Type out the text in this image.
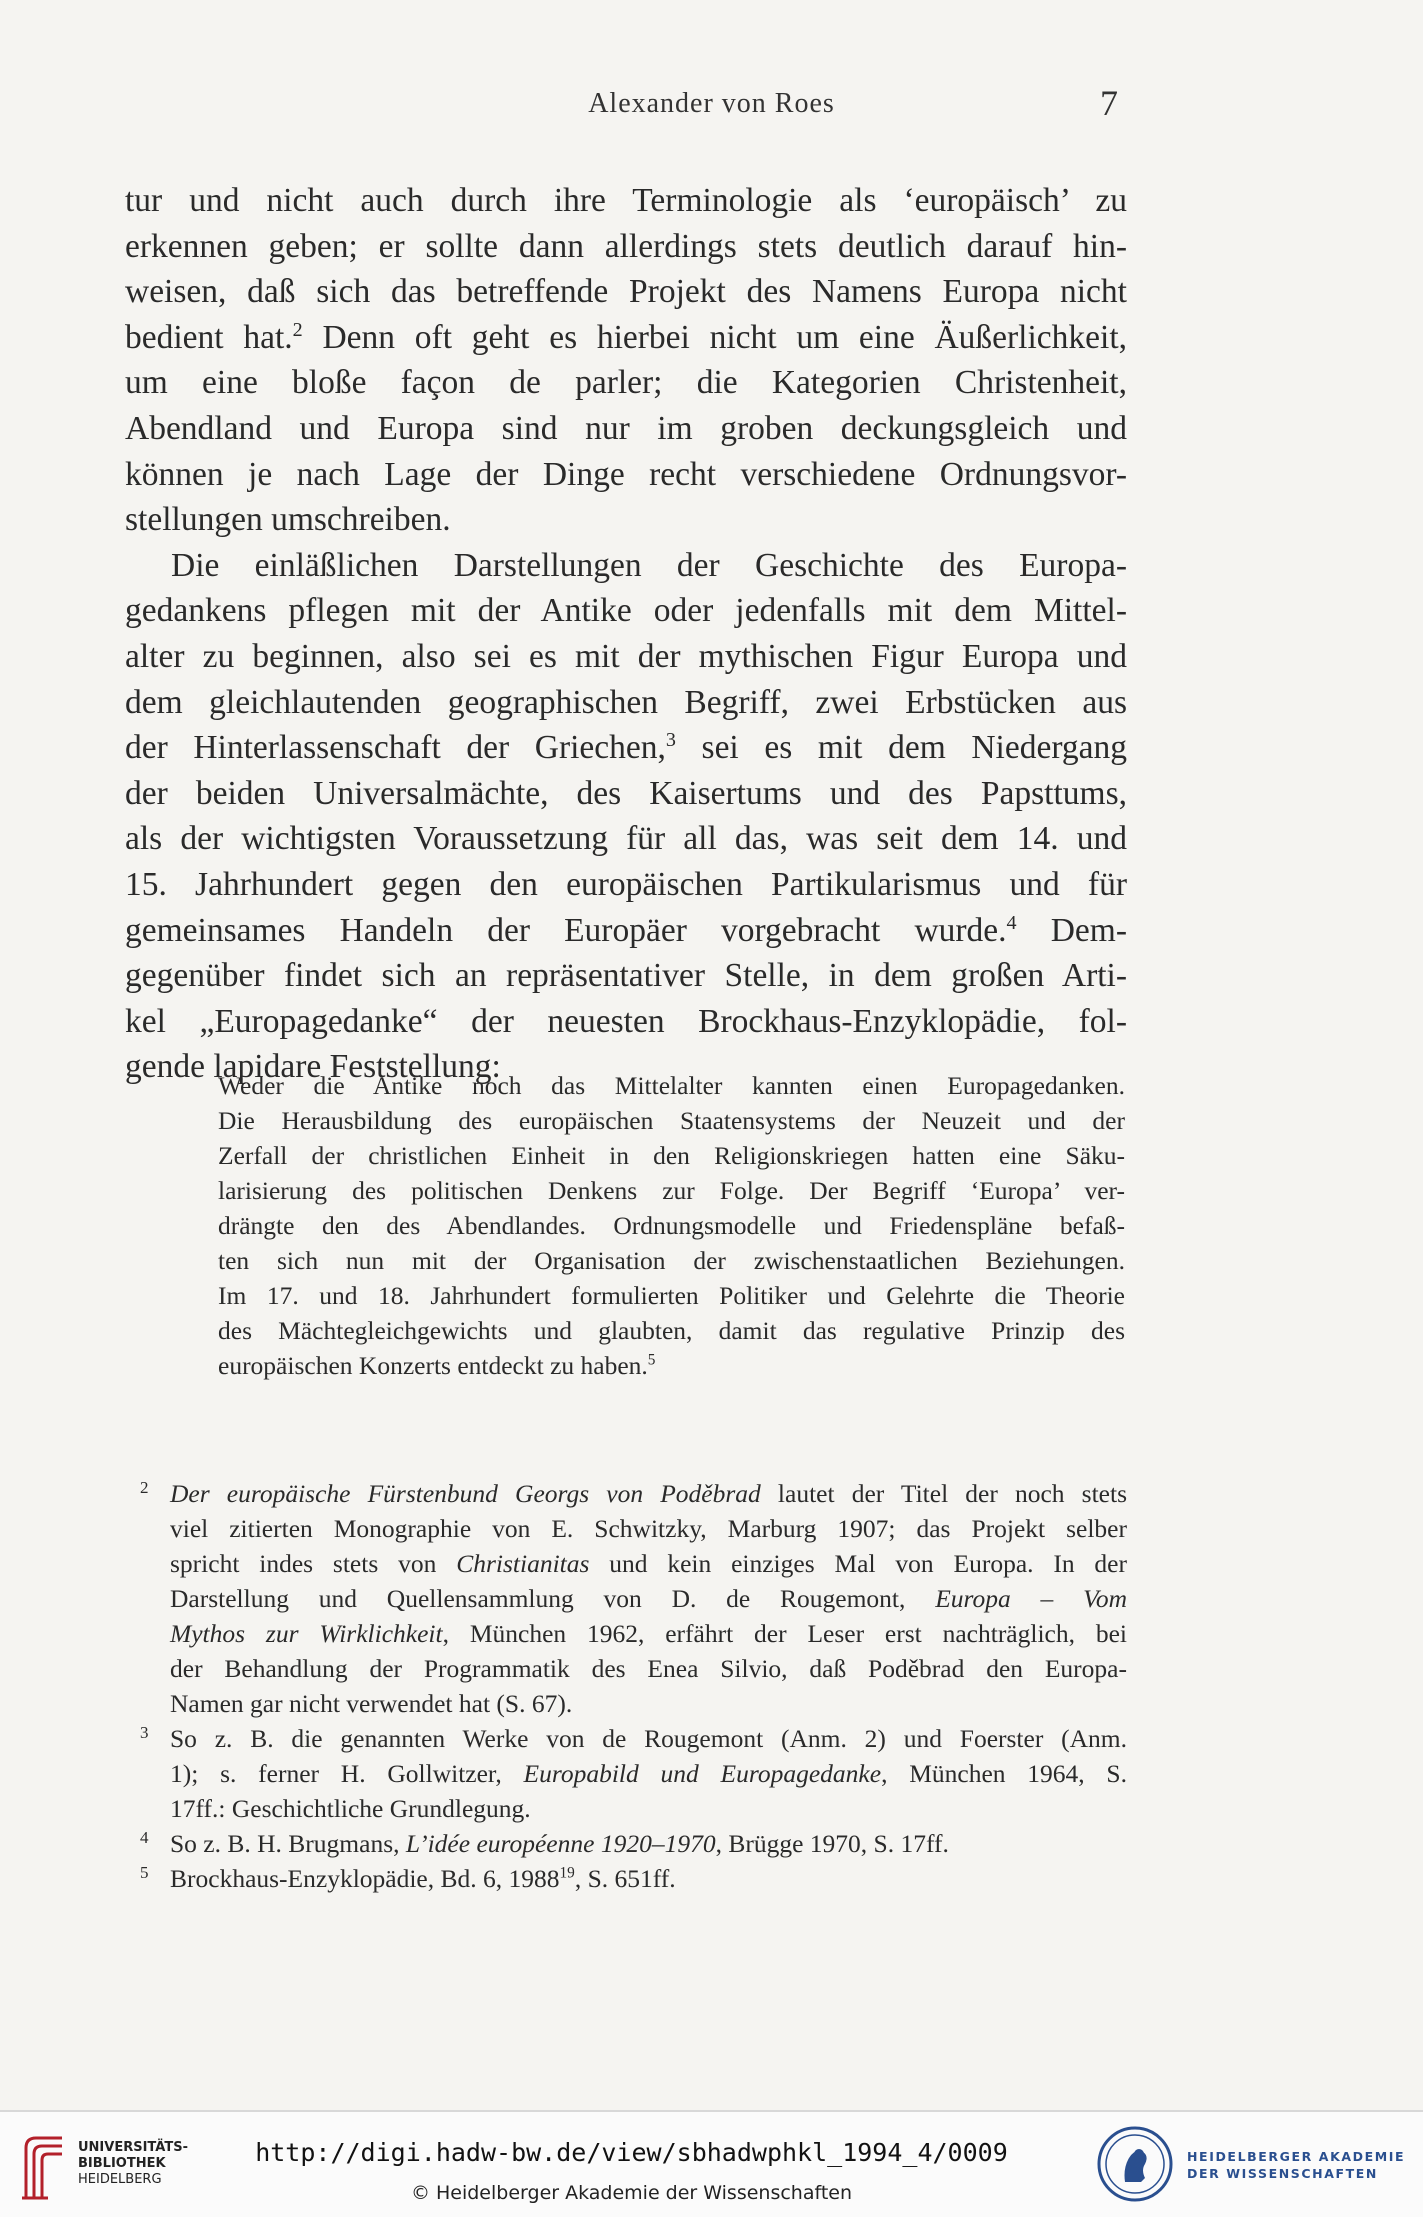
Alexander von Roes	7

tur und nicht auch durch ihre Terminologie als ‘europäisch’ zu
erkennen geben; er sollte dann allerdings stets deutlich darauf hin-
weisen, daß sich das betreffende Projekt des Namens Europa nicht
bedient hat.$^2$ Denn oft geht es hierbei nicht um eine Äußerlichkeit,
um eine bloße façon de parler; die Kategorien Christenheit,
Abendland und Europa sind nur im groben deckungsgleich und
können je nach Lage der Dinge recht verschiedene Ordnungsvor-
stellungen umschreiben.

Die einläßlichen Darstellungen der Geschichte des Europa-
gedankens pflegen mit der Antike oder jedenfalls mit dem Mittel-
alter zu beginnen, also sei es mit der mythischen Figur Europa und
dem gleichlautenden geographischen Begriff, zwei Erbstücken aus
der Hinterlassenschaft der Griechen,$^3$ sei es mit dem Niedergang
der beiden Universalmächte, des Kaisertums und des Papsttums,
als der wichtigsten Voraussetzung für all das, was seit dem 14. und
15. Jahrhundert gegen den europäischen Partikularismus und für
gemeinsames Handeln der Europäer vorgebracht wurde.$^4$ Dem-
gegenüber findet sich an repräsentativer Stelle, in dem großen Arti-
kel „Europagedanke“ der neuesten Brockhaus-Enzyklopädie, fol-
gende lapidare Feststellung:

Weder die Antike noch das Mittelalter kannten einen Europagedanken.
Die Herausbildung des europäischen Staatensystems der Neuzeit und der
Zerfall der christlichen Einheit in den Religionskriegen hatten eine Säku-
larisierung des politischen Denkens zur Folge. Der Begriff ‘Europa’ ver-
drängte den des Abendlandes. Ordnungsmodelle und Friedenspläne befaß-
ten sich nun mit der Organisation der zwischenstaatlichen Beziehungen.
Im 17. und 18. Jahrhundert formulierten Politiker und Gelehrte die Theorie
des Mächtegleichgewichts und glaubten, damit das regulative Prinzip des
europäischen Konzerts entdeckt zu haben.$^5$
2 Der europäische Fürstenbund Georgs von Poděbrad lautet der Titel der noch stets
viel zitierten Monographie von E. Schwitzky, Marburg 1907; das Projekt selber
spricht indes stets von Christianitas und kein einziges Mal von Europa. In der
Darstellung und Quellensammlung von D. de Rougemont, Europa – Vom
Mythos zur Wirklichkeit, München 1962, erfährt der Leser erst nachträglich, bei
der Behandlung der Programmatik des Enea Silvio, daß Poděbrad den Europa-
Namen gar nicht verwendet hat (S. 67).
3 So z. B. die genannten Werke von de Rougemont (Anm. 2) und Foerster (Anm.
1); s. ferner H. Gollwitzer, Europabild und Europagedanke, München 1964, S.
17ff.: Geschichtliche Grundlegung.
4 So z. B. H. Brugmans, L’idée européenne 1920–1970, Brügge 1970, S. 17ff.
5 Brockhaus-Enzyklopädie, Bd. 6, 1988$^{19}$, S. 651ff.
UNIVERSITÄTS-
BIBLIOTHEK
HEIDELBERG
http://digi.hadw-bw.de/view/sbhadwphkl_1994_4/0009
© Heidelberger Akademie der Wissenschaften
HEIDELBERGER AKADEMIE
DER WISSENSCHAFTEN
